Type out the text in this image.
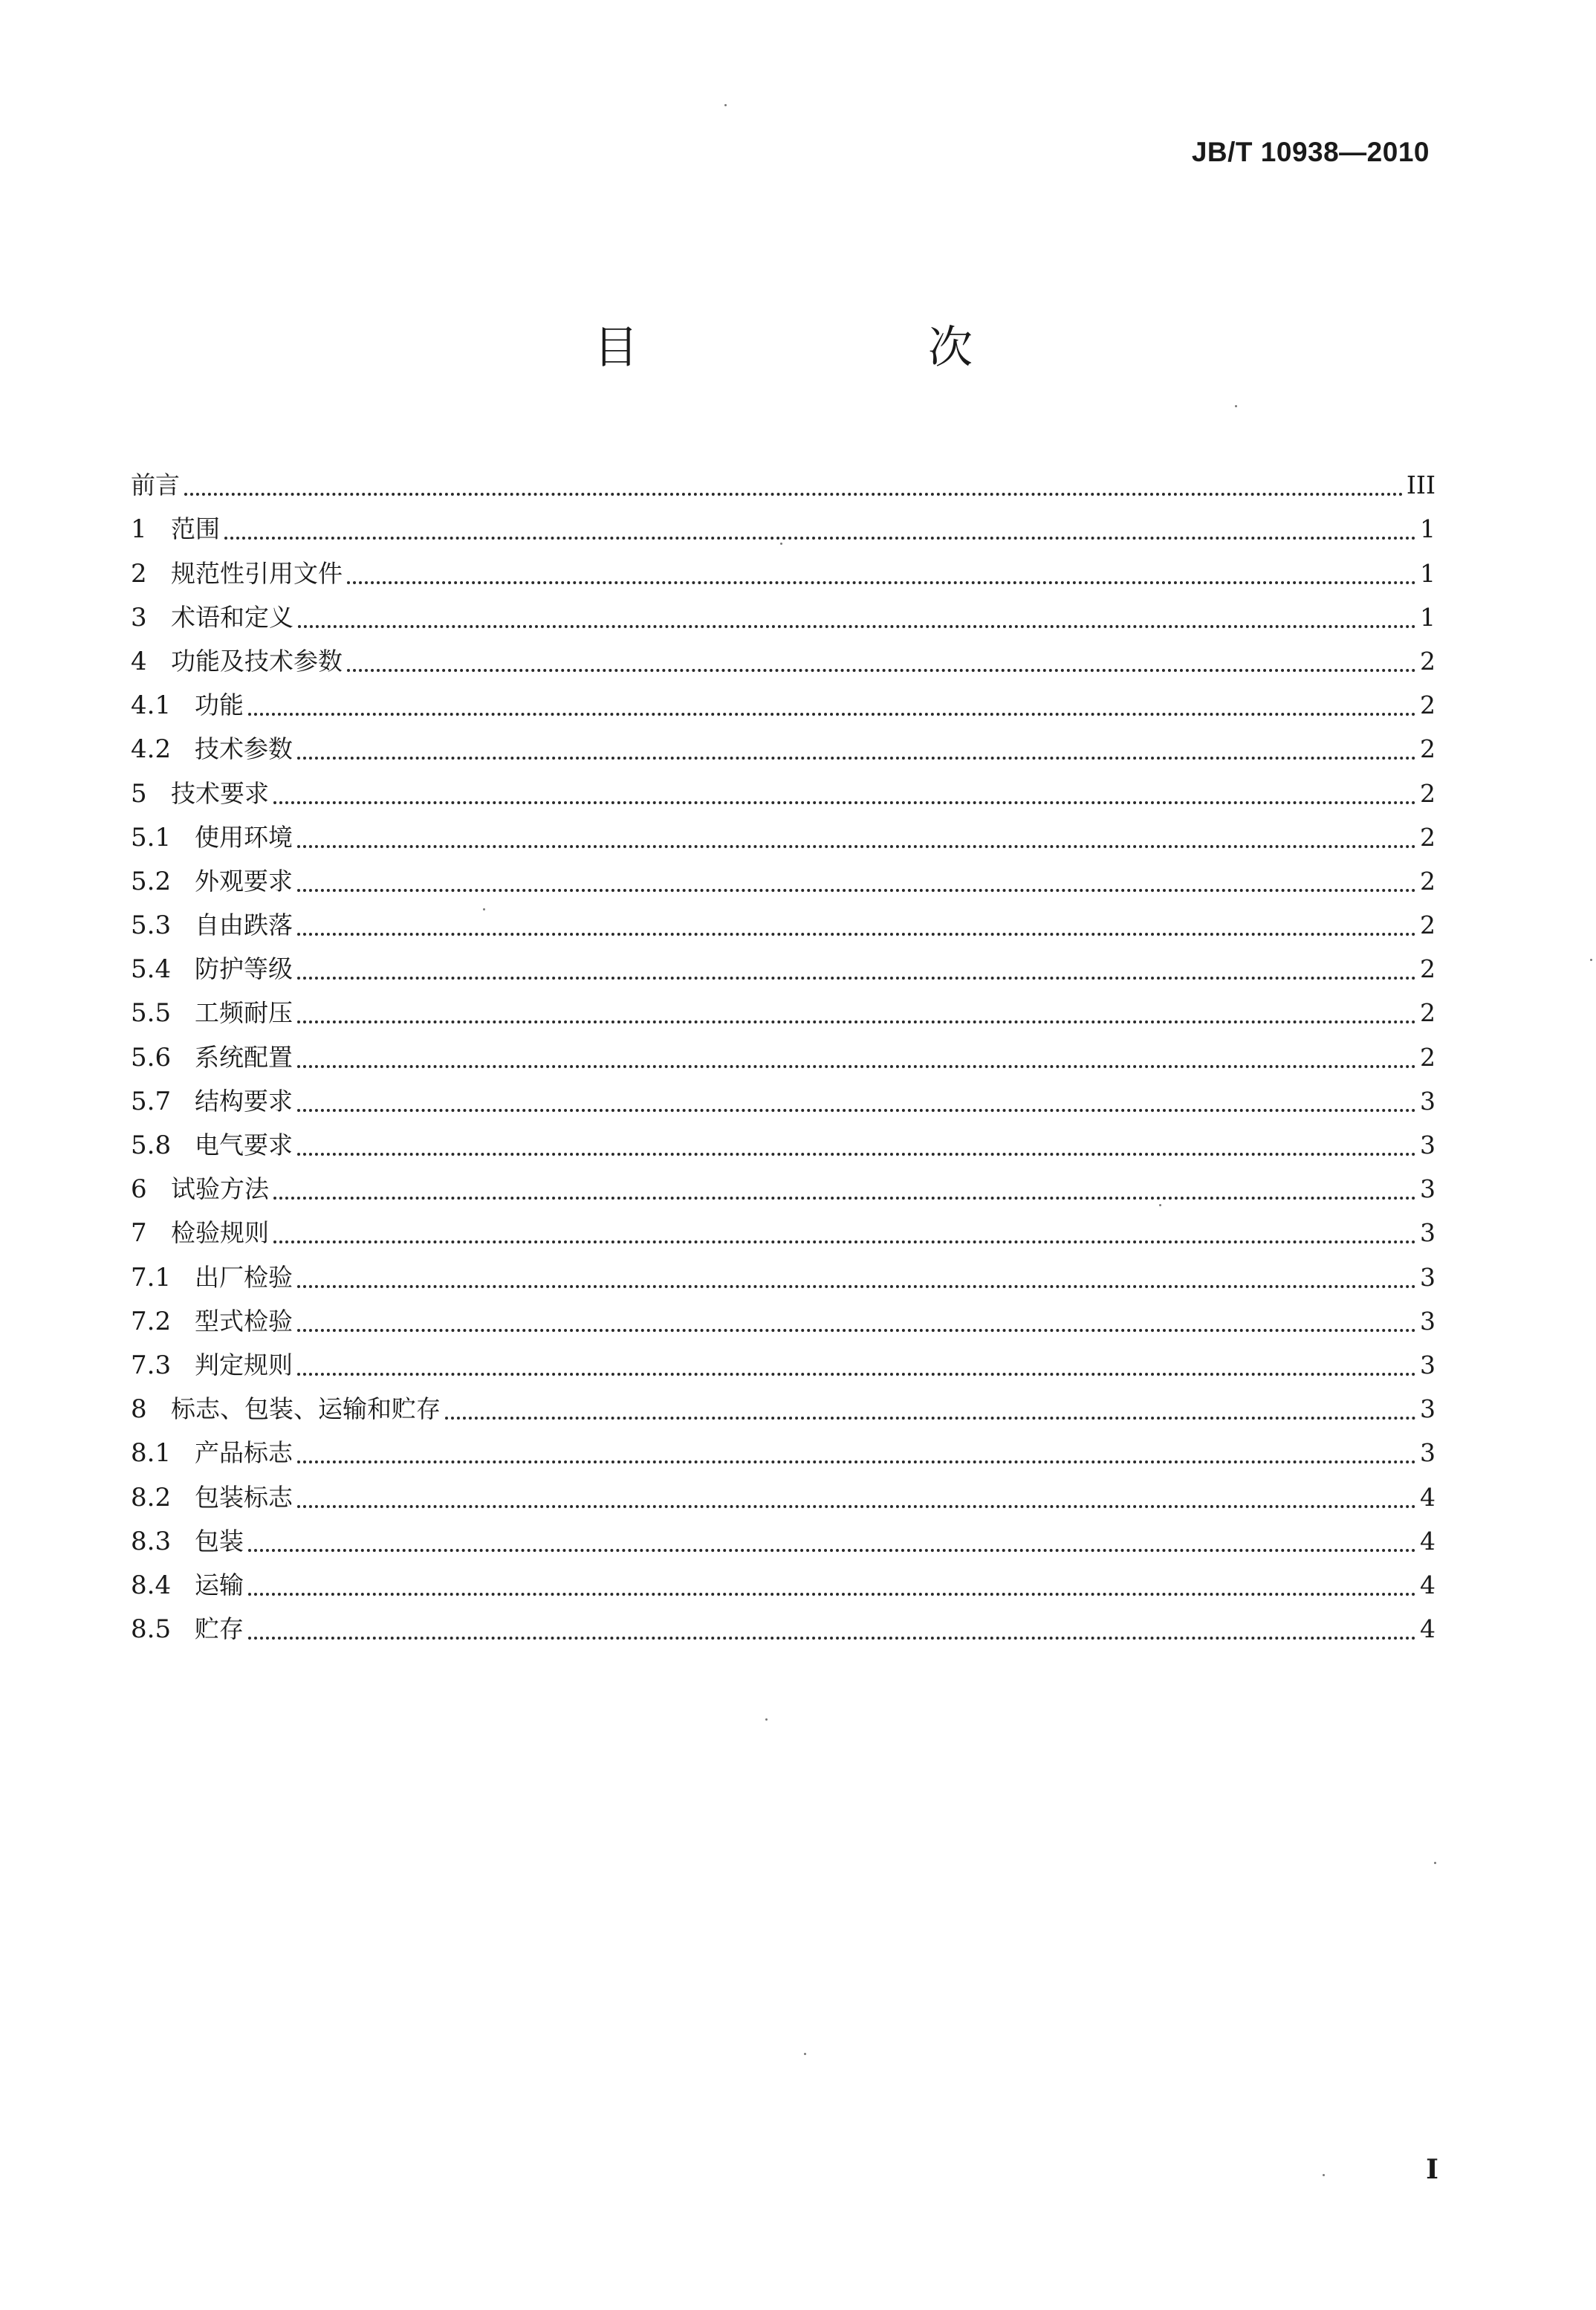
JB/T 10938—2010
目　　次
前言	III
1 范围	1
2 规范性引用文件	1
3 术语和定义	1
4 功能及技术参数	2
4.1 功能	2
4.2 技术参数	2
5 技术要求	2
5.1 使用环境	2
5.2 外观要求	2
5.3 自由跌落	2
5.4 防护等级	2
5.5 工频耐压	2
5.6 系统配置	2
5.7 结构要求	3
5.8 电气要求	3
6 试验方法	3
7 检验规则	3
7.1 出厂检验	3
7.2 型式检验	3
7.3 判定规则	3
8 标志、包装、运输和贮存	3
8.1 产品标志	3
8.2 包装标志	4
8.3 包装	4
8.4 运输	4
8.5 贮存	4
I
